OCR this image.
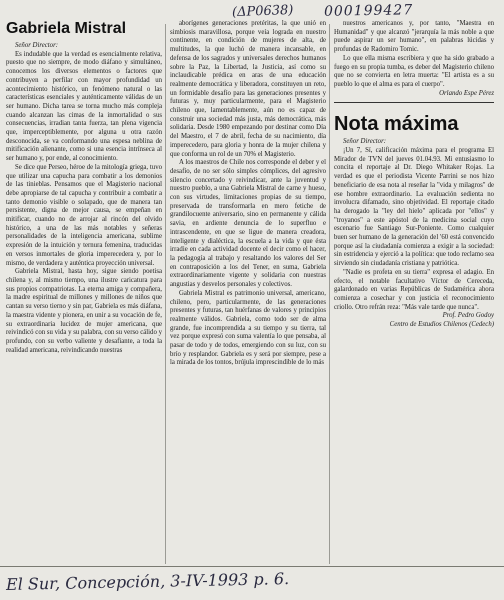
(ΔP0638) 000199427
Gabriela Mistral

Señor Director:

Es indudable que la verdad es esencialmente relativa, puesto que no siempre, de modo diáfano y simultáneo, conocemos los diversos elementos o factores que contribuyen a perfilar con mayor profundidad un acontecimiento histórico, un fenómeno natural o las características esenciales y auténticamente válidas de un ser humano. Dicha tarea se torna mucho más compleja cuando alcanzan las cimas de la inmortalidad o sus consecuencias, irradian tanta fuerza, tan plena vigencia que, imperceptiblemente, por alguna u otra razón desconocida, se va conformando una espesa neblina de mitificación alienante, como si una esencia intrínseca al ser humano y, por ende, al conocimiento.

Se dice que Perseo, héroe de la mitología griega, tuvo que utilizar una capucha para combatir a los demonios de las tinieblas. Pensamos que el Magisterio nacional debe apropiarse de tal capucha y contribuir a combatir a tanto demonio visible o solapado, que de manera tan persistente, digna de mejor causa, se empeñan en mitificar, cuando no de arrojar al rincón del olvido histórico, a una de las más notables y señeras personalidades de la inteligencia americana, sublime expresión de la intuición y ternura femenina, traducidas en versos inmortales de gloria imperecedera y, por lo mismo, de verdadera y auténtica proyección universal.

Gabriela Mistral, hasta hoy, sigue siendo poetisa chilena y, al mismo tiempo, una ilustre caricatura para sus propios compatriotas. La eterna amiga y compañera, la madre espiritual de millones y millones de niños que cantan su verso tierno y sin par, Gabriela es más diáfana, la maestra vidente y pionera, en unir a su vocación de fe, su extraordinaria lucidez de mujer americana, que reivindicó con su vida y su palabra, con su verso cálido y profundo, con su verbo valiente y desafiante, a toda la realidad americana, reivindicando nuestras

aborígenes generaciones pretéritas, la que unió en simbiosis maravillosa, porque veía lograda en nuestro continente, en condición de mujeres de alta, de multitudes, la que luchó de manera incansable, en defensa de los sagrados y universales derechos humanos sobre la Paz, la Libertad, la Justicia, así como su inclaudicable prédica en aras de una educación realmente democrática y liberadora, constituyen un reto, un formidable desafío para las generaciones presentes y futuras y, muy particularmente, para el Magisterio chileno que, lamentablemente, aún no es capaz de construir una sociedad más justa, más democrática, más solidaria. Desde 1980 empezando por destinar como Día del Maestro, el 7 de abril, fecha de su nacimiento, día imperecedero, para gloria y honra de la mujer chilena y que conforma un rol de un 70% el Magisterio.

A los maestros de Chile nos corresponde el deber y el desafío, de no ser sólo simples cómplices, del agresivo silencio concertado y reivindicar, ante la juventud y nuestro pueblo, a una Gabriela Mistral de carne y hueso, con sus virtudes, limitaciones propias de su tiempo, preservada de transformarla en mero fetiche de grandilocuente aniversario, sino en permanente y cálida savia, en ardiente denuncia de lo superfluo e intrascendente, en que se ligue de manera creadora, inteligente y dialéctica, la escuela a la vida y que ésta irradie en cada actividad docente el decir como el hacer, la pedagogía al trabajo y resaltando los valores del Ser en contraposición a los del Tener, en suma, Gabriela extraordinariamente vigente y solidaria con nuestras angustias y desvelos personales y colectivos.

Gabriela Mistral es patrimonio universal, americano, chileno, pero, particularmente, de las generaciones presentes y futuras, tan huérfanas de valores y principios realmente válidos. Gabriela, como todo ser de alma grande, fue incomprendida a su tiempo y su tierra, tal vez porque expresó con suma valentía lo que pensaba, al pasar de todo y de todos, emergiendo con su luz, con su brío y resplandor. Gabriela es y será por siempre, pese a la mirada de los tontos, brújula imprescindible de lo más

nuestros americanos y, por tanto, "Maestra en Humanidad" y que alcanzó "jerarquía la más noble a que puede aspirar un ser humano", en palabras lúcidas y profundas de Radomiro Tomic.

Lo que ella misma escribiera y que ha sido grabado a fuego en su propia tumba, es deber del Magisterio chileno que no se convierta en letra muerta: "El artista es a su pueblo lo que el alma es para el cuerpo".

Orlando Espe Pérez

Nota máxima

Señor Director:

¡Un 7, Sí, calificación máxima para el programa El Mirador de TVN del jueves 01.04.93. Mi entusiasmo lo concita el reportaje al Dr. Diego Whitaker Rojas. La verdad es que el periodista Vicente Parrini se nos hizo beneficiario de esa nota al reseñar la "vida y milagros" de ese hombre extraordinario. La evaluación sedienta no involucra difamado, sino objetividad. El reportaje citado ha derogado la "ley del hielo" aplicada por "ellos" y "troyanos" a este apóstol de la medicina social cuyo escenario fue Santiago Sur-Poniente. Como cualquier buen ser humano de la generación del '60 está convencido porque así la ciudadanía comienza a exigir a la sociedad: sin estridencia y ejerció a la política: que todo reclamo sea sirviendo sin ciudadanía cristiana y patriótica.

"Nadie es profeta en su tierra" expresa el adagio. En efecto, el notable facultativo Víctor de Cereceda, galardonado en varias Repúblicas de Sudamérica ahora comienza a cosechar y con justicia el reconocimiento criollo. Otro refrán reza: "Más vale tarde que nunca".

Prof. Pedro Godoy

Centro de Estudios Chilenos (Cedech)

El Sur, Concepción, 3-IV-1993 p. 6.
